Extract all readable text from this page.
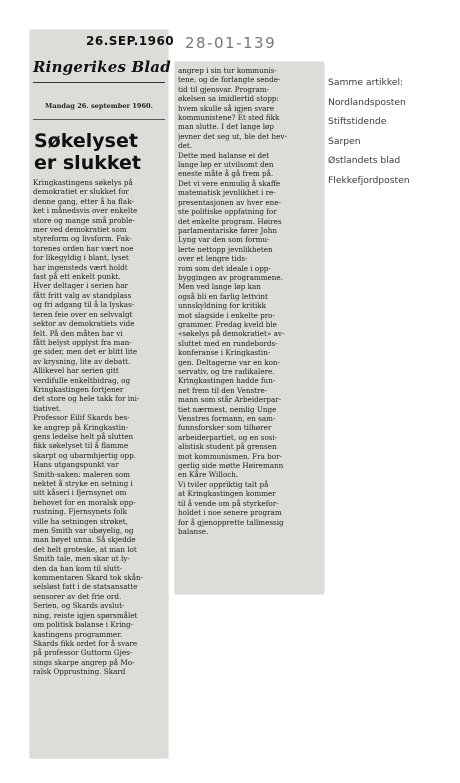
26.SEP.1960
Ringerikes Blad
Mandag 26. september 1960.
Søkelyset
er slukket
Kringkastingens søkelys på
demokratiet er slukket for
denne gang, etter å ha flak-
ket i månedsvis over enkelte
store og mange små proble-
mer ved demokratiet som
styreform og livsform. Fak-
torenes orden har vært noe
for likegyldig i blant, lyset
har ingensteds vært holdt
fast på ett enkelt punkt.
Hver deltager i serien har
fått fritt valg av standplass
og fri adgang til å la lyskas-
teren feie over en selvvalgt
sektor av demokratiets vide
felt. På den måten har vi
fått belyst opplyst fra man-
ge sider, men det er blitt lite
av krysning, lite av debatt.
Allikevel har serien gitt
verdifulle enkeltbidrag, og
Kringkastingen fortjener
det store og hele takk for ini-
tiativet.
Professor Eilif Skards bes-
ke angrep på Kringkastin-
gens ledelse helt på slutten
fikk søkelyset til å flamme
skarpt og ubarmhjertig opp.
Hans utgangspunkt var
Smith-saken: maleren som
nektet å stryke en setning i
sitt kåseri i fjernsynet om
behovet for en moralsk opp-
rustning. Fjernsynets folk
ville ha setningen strøket,
men Smith var ubøyelig, og
man bøyet unna. Så skjedde
det helt groteske, at man lot
Smith tale, men skar ut ly-
den da han kom til slutt-
kommentaren Skard tok skån-
selsløst fatt i de statsansatte
sensorer av det frie ord.
Serien, og Skards avslut-
ning, reiste igjen spørsmålet
om politisk balanse i Kring-
kastingens programmer.
Skards fikk ordet for å svare
på professor Guttorm Gjes-
sings skarpe angrep på Mo-
ralsk Opprustning. Skard
angrep i sin tur kommunis-
tene, og de forlangte sende-
tid til gjensvar. Program-
økelsen sa imidlertid stopp:
hvem skulle så igjen svare
kommunistene? Et sted fikk
man slutte. I det lange løp
jevner det seg ut, ble det hev-
det.
Dette med balanse ei det
lange løp er utvilsomt den
eneste måte å gå frem på.
Det vi vere enmulig å skaffe
matematisk jevnlikhet i re-
presentasjonen av hver ene-
ste politiske oppfatning for
det enkelte program. Høires
parlamentariske fører John
Lyng var den som formu-
lerte nettopp jevnlikheten
over et lengre tids-
rom som det ideale i opp-
byggingen av programmene.
Men ved lange løp kan
også bli en farlig lettvint
unnskyldning for kritikk
mot slagside i enkelte pro-
grammer. Fredag kveld ble
«søkelys på demokratiet» av-
sluttet med en rundebords-
konferanse i Kringkastin-
gen. Deltagerne var en kon-
servativ, og tre radikalere.
Kringkastingen hadde fun-
net frem til den Venstre-
mann som står Arbeiderpar-
tiet nærmest, nemlig Unge
Venstres formann, en sam-
funnsforsker som tilhører
arbeiderpartiet, og en sosi-
alistisk student på grensen
mot kommunismen. Fra bor-
gerlig side møtte Høiremann
en Kåre Willoch.
Vi tviler oppriktig talt på
at Kringkastingen kommer
til å vende om på styrkefor-
holdet i noe senere program
for å gjenopprette tallmessig
balanse.
28-01-139
Samme artikkel:
Nordlandsposten
Stiftstidende
Sarpen
Østlandets blad
Flekkefjordposten
